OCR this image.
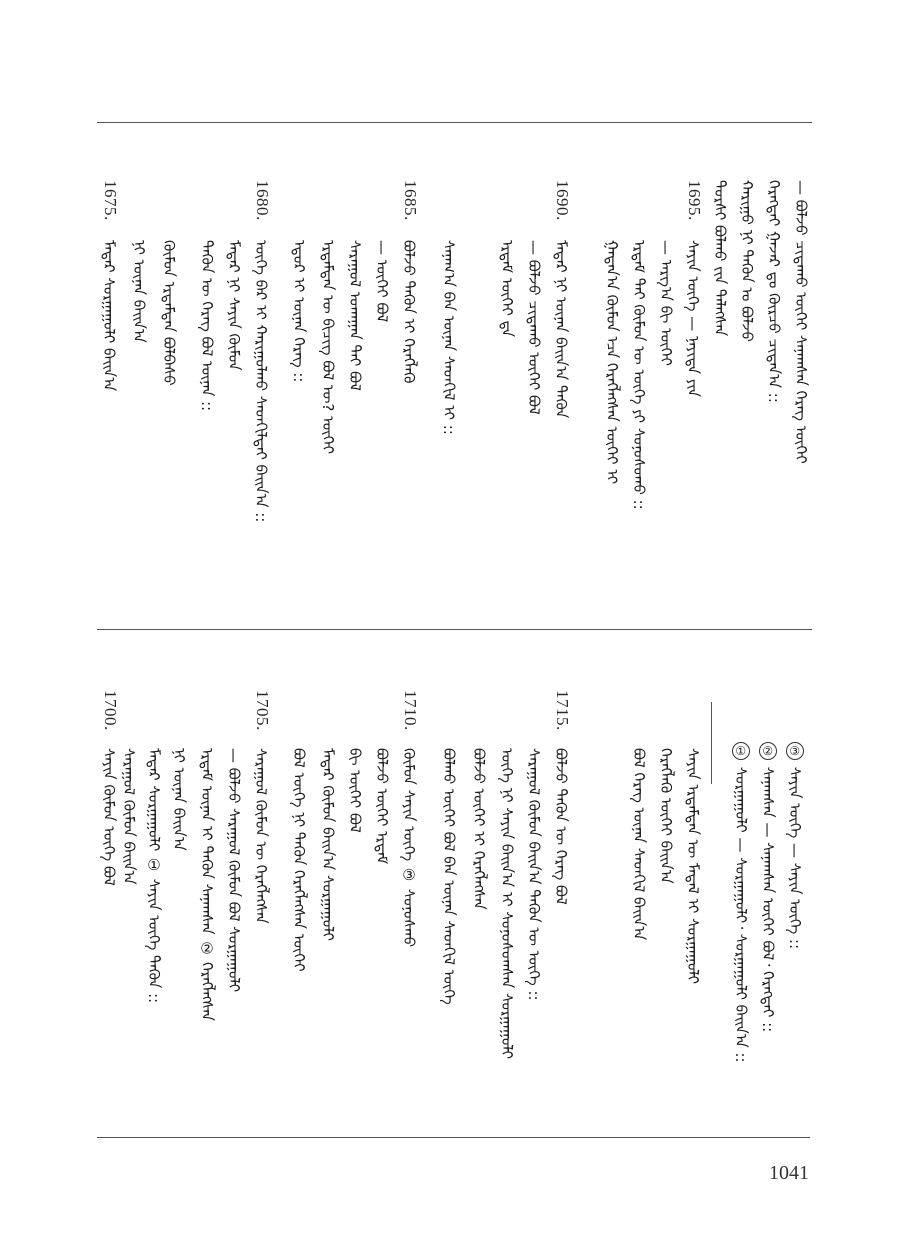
— ᠪᠣᠯᠵᠣ ᠴᠢᠳᠠᠬᠤ ᠦᠭᠡᠢ ᠰᠠᠨᠠᠭᠰᠠᠨ ᠬᠡᠷᠡᠭ ᠦᠭᠡᠢ
ᠬᠡᠷᠡᠭᠲᠡᠢ ᠭᠠᠵᠠᠷ ᠳᠤ ᠬᠦᠷᠴᠦ ᠴᠢᠳᠠᠨ᠎ᠠ ::
ᠬᠠᠷᠢᠭᠤ ᠨᠢ ᠲᠡᠭᠦᠨ ᠤ ᠪᠣᠯᠵᠤ
ᠲᠤᠷᠰᠢ ᠪᠣᠯᠬᠤ ᠵᠢᠨ ᠲᠡᠯᠡᠭᠰᠡᠨ
1695.
ᠰᠠᠶᠢᠨ ᠦᠭᠡ — ᠨᠡᠶᠢᠲᠡ ᠶᠢᠨ
— ᠠᠷᠭ᠎ᠠ ᠪᠢ ᠦᠭᠡᠢ
ᠡᠷᠳᠡᠮ ᠲᠡᠢ ᠬᠦᠮᠦᠨ ᠦ ᠦᠭᠡ ᠶᠢ ᠰᠣᠨᠣᠰᠣᠬᠤ ::
ᠭᠠᠳᠠᠨ᠎ᠠ ᠬᠦᠮᠦᠨ ᠡᠴᠡ ᠬᠡᠷᠡᠭᠯᠡᠭᠰᠡᠨ ᠦᠭᠡᠢ ᠢ
1690.
ᠮᠠᠳᠠᠷ ᠨᠢ ᠦᠨᠡᠨ ᠪᠠᠢᠨ᠎ᠠ ᠲᠡᠭᠦᠨ
— ᠪᠣᠯᠵᠤ ᠴᠢᠳᠠᠬᠤ ᠦᠭᠡᠢ ᠪᠣᠯ
ᠡᠷᠳᠡᠮ ᠦᠭᠡᠢ ᠳᠡ
ᠰᠠᠨᠠᠭ᠎ᠠ ᠪᠠᠨ ᠦᠨᠡᠨ ᠰᠡᠳᠬᠢᠯ ᠢ ::
1685.
ᠪᠣᠯᠵᠤ ᠲᠡᠭᠦᠨ ᠢ ᠬᠡᠷᠡᠭᠯᠡᠬᠦ
— ᠦᠭᠡᠢ ᠪᠣᠯ
ᠰᠠᠷᠠᠭᠤᠯ ᠤᠬᠠᠭᠠᠨ ᠲᠠᠢ ᠪᠣᠯ
ᠡᠷᠳᠡᠮᠲᠡᠨ ᠦ ᠪᠢᠴᠢᠭ ᠪᠣᠯ ᠦ? ᠦᠭᠡᠢ
ᠡᠳᠦᠷ ᠢ ᠦᠨᠡᠨ ᠬᠡᠷᠡᠭ ::
1680.
ᠦᠭᠡ ᠪᠡᠷ ᠢ ᠬᠠᠷᠢᠭᠤᠯᠬᠤ ᠰᠡᠳᠬᠢᠯᠲᠡᠢ ᠪᠠᠢᠨ᠎ᠠ ::
ᠮᠠᠳᠠᠷ ᠨᠢ ᠰᠠᠶᠢᠨ ᠬᠦᠮᠦᠨ
ᠲᠡᠭᠦᠨ ᠦ ᠬᠡᠷᠡᠭ ᠪᠣᠯ ᠦᠨᠡᠨ ::
ᠬᠦᠮᠦᠨ ᠡᠷᠳᠡᠮᠲᠡᠨ ᠪᠣᠯᠪᠠᠰᠤ
ᠨᠢ ᠦᠨᠡᠨ ᠪᠠᠢᠨ᠎ᠠ
1675.
ᠮᠠᠳᠠᠷ ᠰᠤᠷᠭᠠᠭᠤᠯᠢ ᠪᠠᠢᠨ᠎ᠠ
③ ᠰᠠᠶᠢᠨ ᠦᠭᠡ — ᠰᠠᠶᠢᠨ ᠦᠭᠡ ::
② ᠰᠠᠨᠠᠭᠰᠠᠨ — ᠰᠠᠨᠠᠭᠰᠠᠨ ᠦᠭᠡᠢ ᠪᠣᠯ᠂ ᠬᠡᠷᠡᠭᠲᠡᠢ ::
① ᠰᠤᠷᠭᠠᠭᠤᠯᠢ — ᠰᠤᠷᠭᠠᠭᠤᠯᠢ᠂ ᠰᠤᠷᠭᠠᠭᠤᠯᠢ ᠪᠠᠢᠨ᠎ᠠ ::
ᠰᠠᠶᠢᠨ ᠡᠷᠳᠡᠮᠲᠡᠨ ᠦ ᠮᠡᠳᠡᠯ ᠢ ᠰᠤᠷᠭᠠᠭᠤᠯᠢ
ᠬᠡᠷᠡᠭᠯᠡᠬᠦ ᠦᠭᠡᠢ ᠪᠠᠢᠨ᠎ᠠ
ᠪᠣᠯ ᠬᠡᠷᠡᠭ ᠦᠨᠡᠨ ᠰᠡᠳᠬᠢᠯ ᠪᠠᠢᠨ᠎ᠠ
1715.
ᠪᠣᠯᠵᠤ ᠲᠡᠭᠦᠨ ᠦ ᠬᠡᠷᠡᠭ ᠪᠣᠯ
ᠰᠠᠷᠠᠭᠤᠯ ᠬᠦᠮᠦᠨ ᠪᠠᠢᠨ᠎ᠠ ᠲᠡᠭᠦᠨ ᠦ ᠦᠭᠡ ::
ᠦᠭᠡ ᠨᠢ ᠰᠠᠶᠢᠨ ᠪᠠᠢᠨ᠎ᠠ ᠢ ᠰᠣᠨᠣᠰᠣᠭᠰᠠᠨ ᠰᠤᠷᠭᠠᠭᠤᠯᠢ
ᠪᠣᠯᠵᠤ ᠦᠭᠡᠢ ᠢ ᠬᠡᠷᠡᠭᠯᠡᠭᠰᠡᠨ
ᠪᠣᠯᠬᠤ ᠦᠭᠡᠢ ᠪᠣᠯ ᠪᠠᠨ ᠦᠨᠡᠨ ᠰᠡᠳᠬᠢᠯ ᠦᠭᠡ
1710.
ᠬᠦᠮᠦᠨ ᠰᠠᠶᠢᠨ ᠦᠭᠡ ③ ᠰᠣᠨᠣᠰᠬᠤ
ᠪᠣᠯᠵᠤ ᠦᠭᠡᠢ ᠡᠷᠳᠡᠮ
ᠪᠢ ᠦᠭᠡᠢ ᠪᠣᠯ
ᠮᠠᠳᠠᠷ ᠬᠦᠮᠦᠨ ᠪᠠᠢᠨ᠎ᠠ ᠰᠤᠷᠭᠠᠭᠤᠯᠢ
ᠪᠣᠯ ᠦᠭᠡ ᠨᠢ ᠲᠡᠭᠦᠨ ᠬᠡᠷᠡᠭᠯᠡᠭᠰᠡᠨ ᠦᠭᠡᠢ
1705.
ᠰᠠᠷᠠᠭᠤᠯ ᠬᠦᠮᠦᠨ ᠦ ᠬᠡᠷᠡᠭᠯᠡᠭᠰᠡᠨ
— ᠪᠣᠯᠵᠤ ᠰᠠᠷᠠᠭᠤᠯ ᠬᠦᠮᠦᠨ ᠪᠣᠯ ᠰᠤᠷᠭᠠᠭᠤᠯᠢ
ᠡᠷᠳᠡᠮ ᠦᠨᠡᠨ ᠢ ᠲᠡᠭᠦᠨ ᠰᠠᠨᠠᠭᠰᠠᠨ ② ᠬᠡᠷᠡᠭᠯᠡᠭᠰᠡᠨ
ᠨᠢ ᠦᠨᠡᠨ ᠪᠠᠢᠨ᠎ᠠ
ᠮᠠᠳᠠᠷ ᠰᠤᠷᠭᠠᠭᠤᠯᠢ ① ᠰᠠᠶᠢᠨ ᠦᠭᠡ ᠲᠡᠭᠦᠨ ::
1700.
ᠰᠠᠷᠠᠭᠤᠯ ᠬᠦᠮᠦᠨ ᠪᠠᠢᠨ᠎ᠠ
ᠰᠠᠶᠢᠨ ᠬᠦᠮᠦᠨ ᠦᠭᠡ ᠪᠣᠯ
1041
